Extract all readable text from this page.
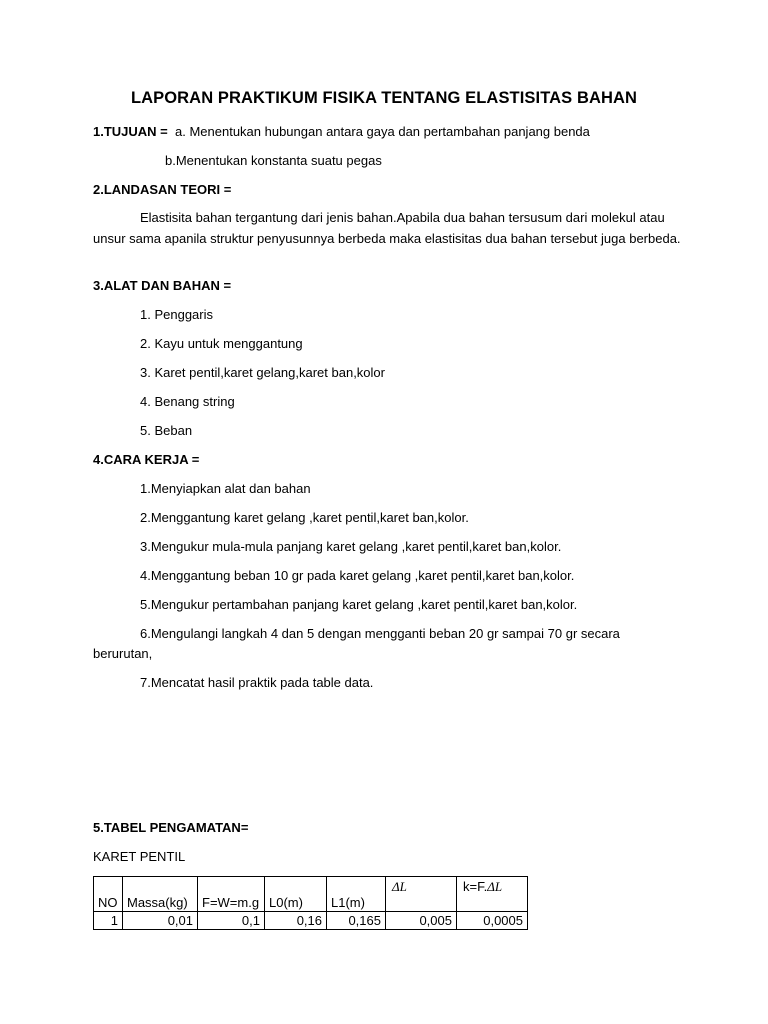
LAPORAN PRAKTIKUM FISIKA TENTANG ELASTISITAS BAHAN
1.TUJUAN = a. Menentukan hubungan antara gaya dan pertambahan panjang benda
b.Menentukan konstanta suatu pegas
2.LANDASAN TEORI =
Elastisita bahan tergantung dari jenis bahan.Apabila dua bahan tersusum dari molekul atau unsur sama apanila struktur penyusunnya berbeda maka elastisitas dua bahan tersebut juga berbeda.
3.ALAT DAN BAHAN =
1. Penggaris
2. Kayu untuk menggantung
3. Karet pentil,karet gelang,karet ban,kolor
4. Benang string
5. Beban
4.CARA KERJA =
1.Menyiapkan alat dan bahan
2.Menggantung karet gelang ,karet pentil,karet ban,kolor.
3.Mengukur mula-mula panjang karet gelang ,karet pentil,karet ban,kolor.
4.Menggantung beban 10 gr pada karet gelang ,karet pentil,karet ban,kolor.
5.Mengukur pertambahan panjang karet gelang ,karet pentil,karet ban,kolor.
6.Mengulangi langkah 4 dan 5 dengan mengganti beban 20 gr sampai 70 gr secara
berurutan,
7.Mencatat hasil praktik pada table data.
5.TABEL PENGAMATAN=
KARET PENTIL
NO	Massa(kg)	F=W=m.g	L0(m)	L1(m)	ΔL	k=F.ΔL

1	0,01	0,1	0,16	0,165	0,005	0,0005
